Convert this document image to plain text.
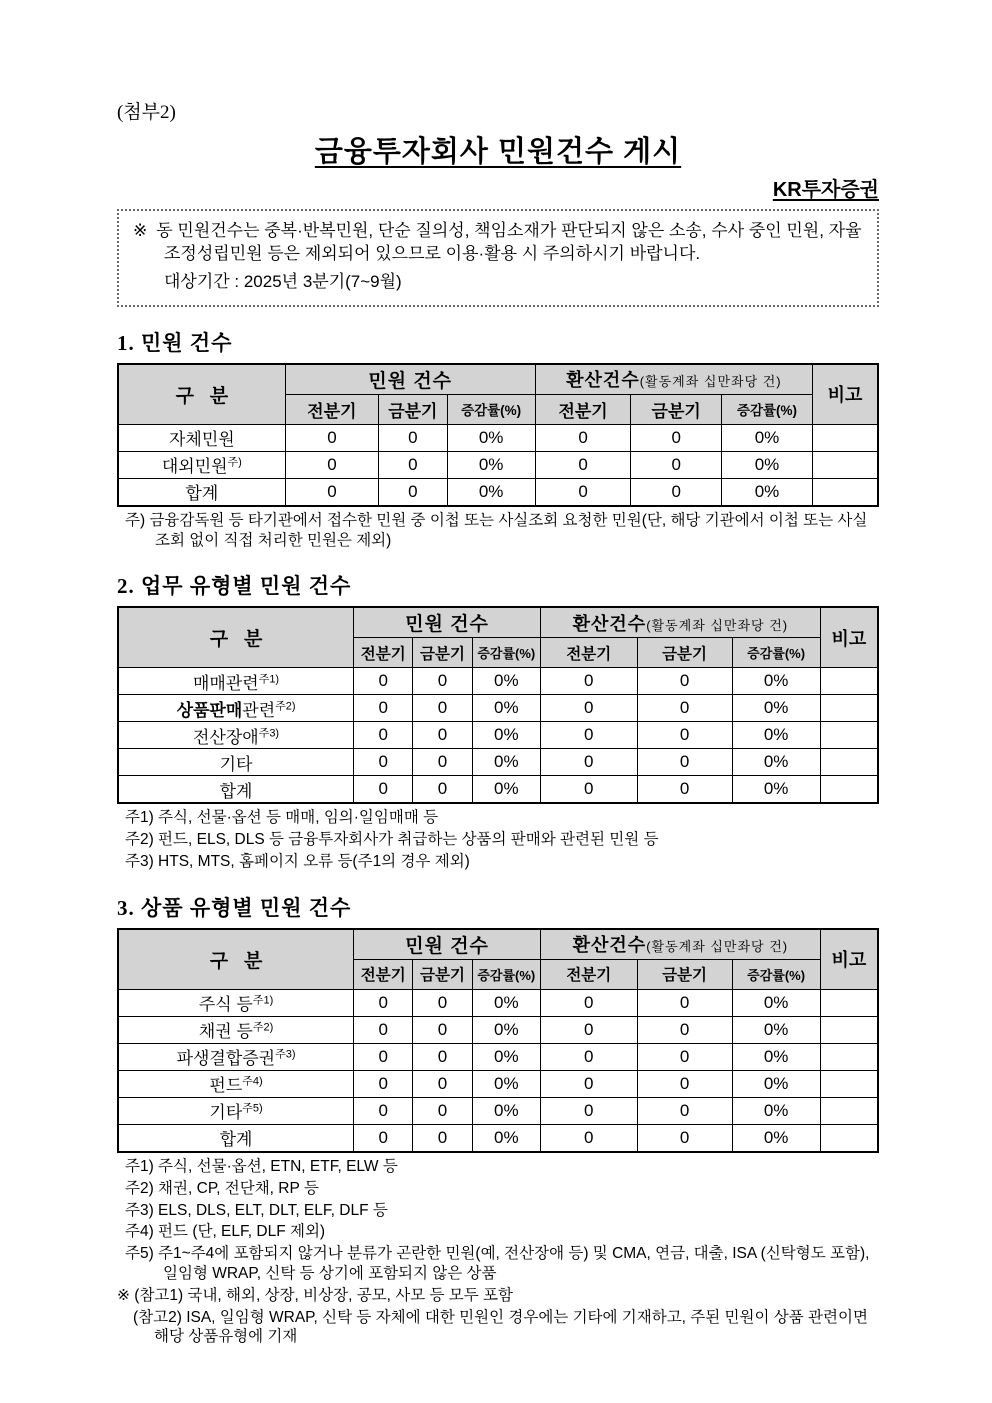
(첨부2)
금융투자회사 민원건수 게시
KR투자증권
※ 동 민원건수는 중복·반복민원, 단순 질의성, 책임소재가 판단되지 않은 소송, 수사 중인 민원, 자율조정성립민원 등은 제외되어 있으므로 이용·활용 시 주의하시기 바랍니다.
대상기간 : 2025년 3분기(7~9월)
1. 민원 건수
구   분	민원 건수			환산건수(활동계좌 십만좌당 건)			비고
	전분기	금분기	증감률(%)	전분기	금분기	증감률(%)	
자체민원	0	0	0%	0	0	0%	
대외민원$^{주)}$	0	0	0%	0	0	0%	
합계	0	0	0%	0	0	0%	
주) 금융감독원 등 타기관에서 접수한 민원 중 이첩 또는 사실조회 요청한 민원(단, 해당 기관에서 이첩 또는 사실조회 없이 직접 처리한 민원은 제외)
2. 업무 유형별 민원 건수
구   분	민원 건수			환산건수(활동계좌 십만좌당 건)			비고
	전분기	금분기	증감률(%)	전분기	금분기	증감률(%)	
매매관련$^{주1)}$	0	0	0%	0	0	0%	
상품판매관련$^{주2)}$	0	0	0%	0	0	0%	
전산장애$^{주3)}$	0	0	0%	0	0	0%	
기타	0	0	0%	0	0	0%	
합계	0	0	0%	0	0	0%	
주1) 주식, 선물·옵션 등 매매, 임의·일임매매 등
주2) 펀드, ELS, DLS 등 금융투자회사가 취급하는 상품의 판매와 관련된 민원 등
주3) HTS, MTS, 홈페이지 오류 등(주1의 경우 제외)
3. 상품 유형별 민원 건수
구   분	민원 건수			환산건수(활동계좌 십만좌당 건)			비고
	전분기	금분기	증감률(%)	전분기	금분기	증감률(%)	
주식 등$^{주1)}$	0	0	0%	0	0	0%	
채권 등$^{주2)}$	0	0	0%	0	0	0%	
파생결합증권$^{주3)}$	0	0	0%	0	0	0%	
펀드$^{주4)}$	0	0	0%	0	0	0%	
기타$^{주5)}$	0	0	0%	0	0	0%	
합계	0	0	0%	0	0	0%	
주1) 주식, 선물·옵션, ETN, ETF, ELW 등
주2) 채권, CP, 전단채, RP 등
주3) ELS, DLS, ELT, DLT, ELF, DLF 등
주4) 펀드 (단, ELF, DLF 제외)
주5) 주1~주4에 포함되지 않거나 분류가 곤란한 민원(예, 전산장애 등) 및 CMA, 연금, 대출, ISA (신탁형도 포함), 일임형 WRAP, 신탁 등 상기에 포함되지 않은 상품
※ (참고1) 국내, 해외, 상장, 비상장, 공모, 사모 등 모두 포함
(참고2) ISA, 일임형 WRAP, 신탁 등 자체에 대한 민원인 경우에는 기타에 기재하고, 주된 민원이 상품 관련이면 해당 상품유형에 기재
